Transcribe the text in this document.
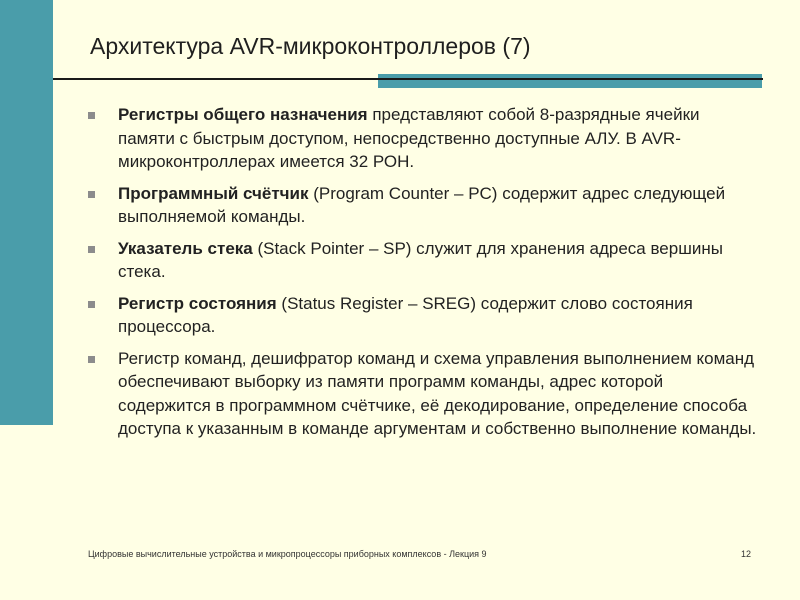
Архитектура AVR-микроконтроллеров (7)
Регистры общего назначения представляют собой 8-разрядные ячейки памяти с быстрым доступом, непосредственно доступные АЛУ. В AVR-микроконтроллерах имеется 32 РОН.
Программный счётчик (Program Counter – PC) содержит адрес следующей выполняемой команды.
Указатель стека (Stack Pointer – SP) служит для хранения адреса вершины стека.
Регистр состояния (Status Register – SREG) содержит слово состояния процессора.
Регистр команд, дешифратор команд и схема управления выполнением команд обеспечивают выборку из памяти программ команды, адрес которой содержится в программном счётчике, её декодирование, определение способа доступа к указанным в команде аргументам и собственно выполнение команды.
Цифровые вычислительные устройства и микропроцессоры приборных комплексов - Лекция 9	12
